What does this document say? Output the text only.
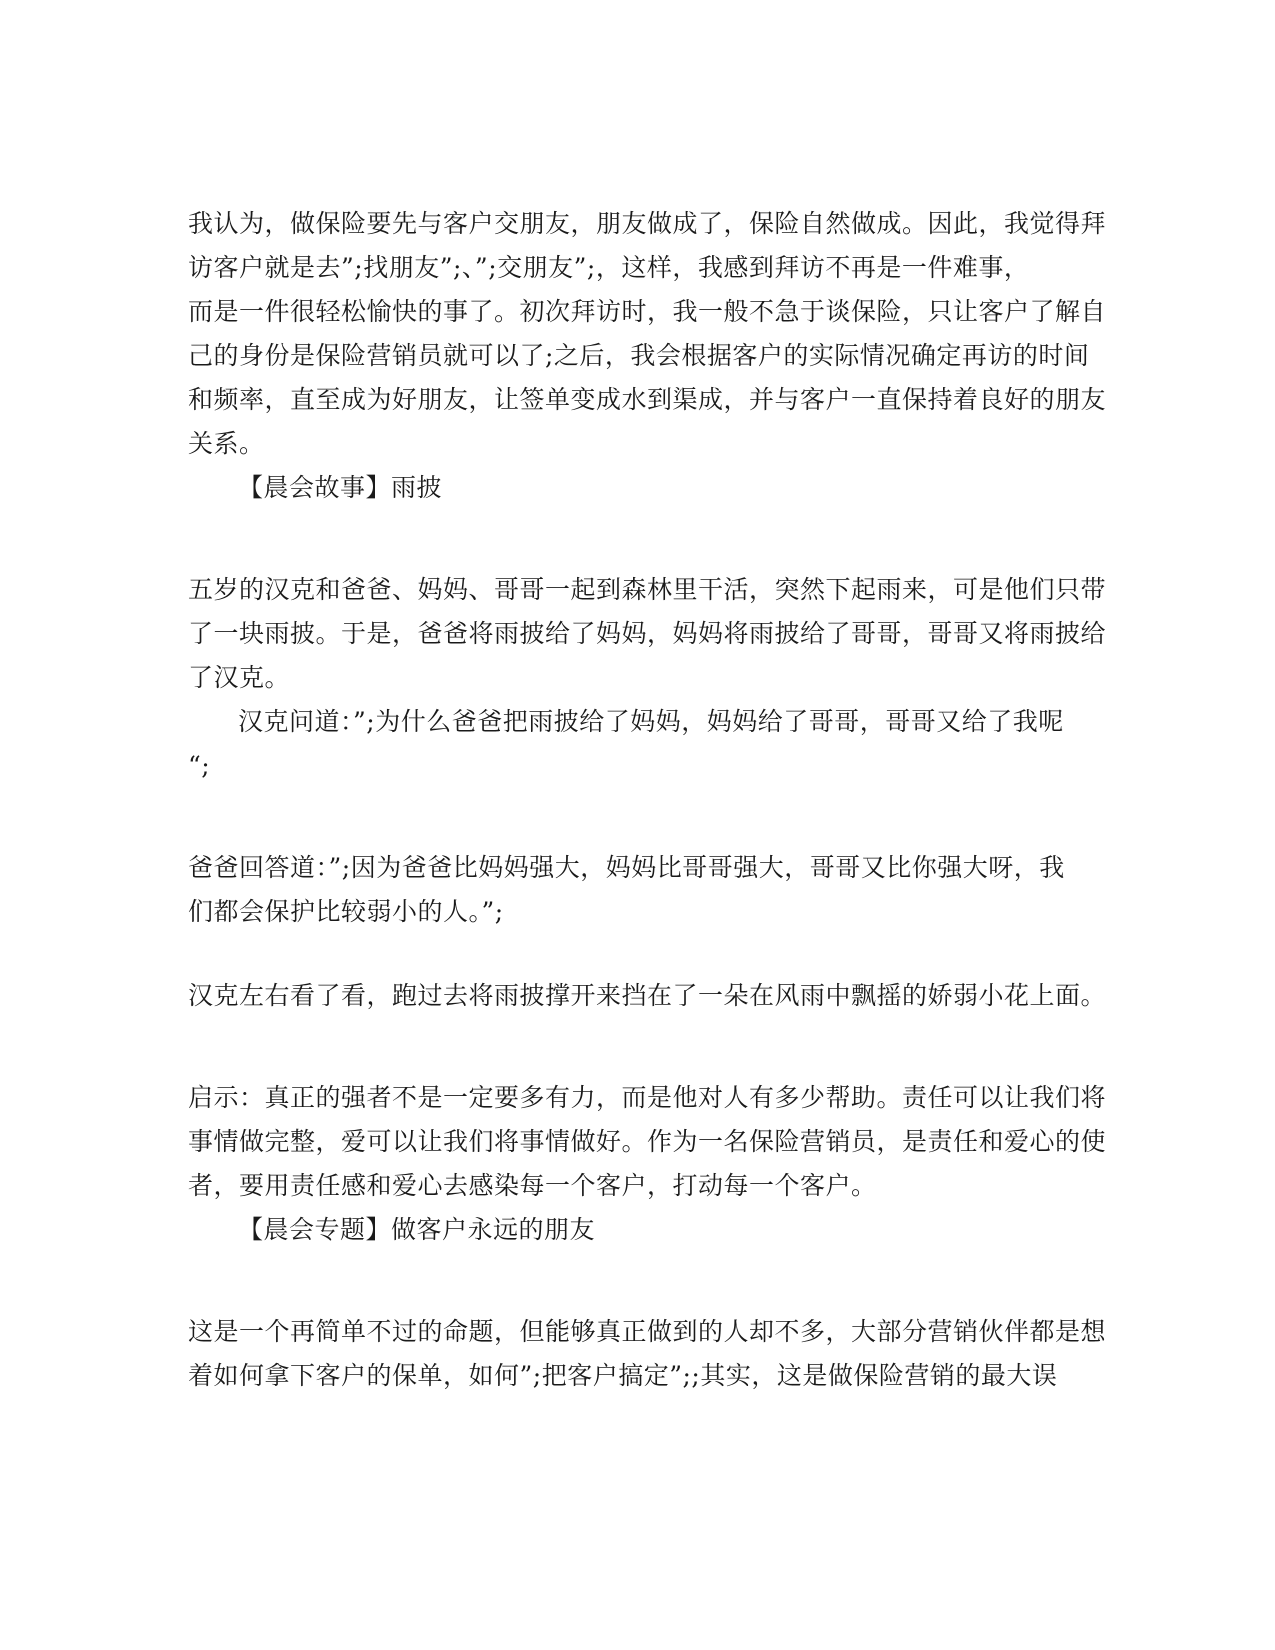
我认为，做保险要先与客户交朋友，朋友做成了，保险自然做成。因此，我觉得拜
访客户就是去”;找朋友”;、”;交朋友”;，这样，我感到拜访不再是一件难事，
而是一件很轻松愉快的事了。初次拜访时，我一般不急于谈保险，只让客户了解自
己的身份是保险营销员就可以了;之后，我会根据客户的实际情况确定再访的时间
和频率，直至成为好朋友，让签单变成水到渠成，并与客户一直保持着良好的朋友
关系。
【晨会故事】雨披
五岁的汉克和爸爸、妈妈、哥哥一起到森林里干活，突然下起雨来，可是他们只带
了一块雨披。于是，爸爸将雨披给了妈妈，妈妈将雨披给了哥哥，哥哥又将雨披给
了汉克。
汉克问道：”;为什么爸爸把雨披给了妈妈，妈妈给了哥哥，哥哥又给了我呢
“;
爸爸回答道：”;因为爸爸比妈妈强大，妈妈比哥哥强大，哥哥又比你强大呀，我
们都会保护比较弱小的人。”;
汉克左右看了看，跑过去将雨披撑开来挡在了一朵在风雨中飘摇的娇弱小花上面。
启示：真正的强者不是一定要多有力，而是他对人有多少帮助。责任可以让我们将
事情做完整，爱可以让我们将事情做好。作为一名保险营销员，是责任和爱心的使
者，要用责任感和爱心去感染每一个客户，打动每一个客户。
【晨会专题】做客户永远的朋友
这是一个再简单不过的命题，但能够真正做到的人却不多，大部分营销伙伴都是想
着如何拿下客户的保单，如何”;把客户搞定”;;其实，这是做保险营销的最大误
